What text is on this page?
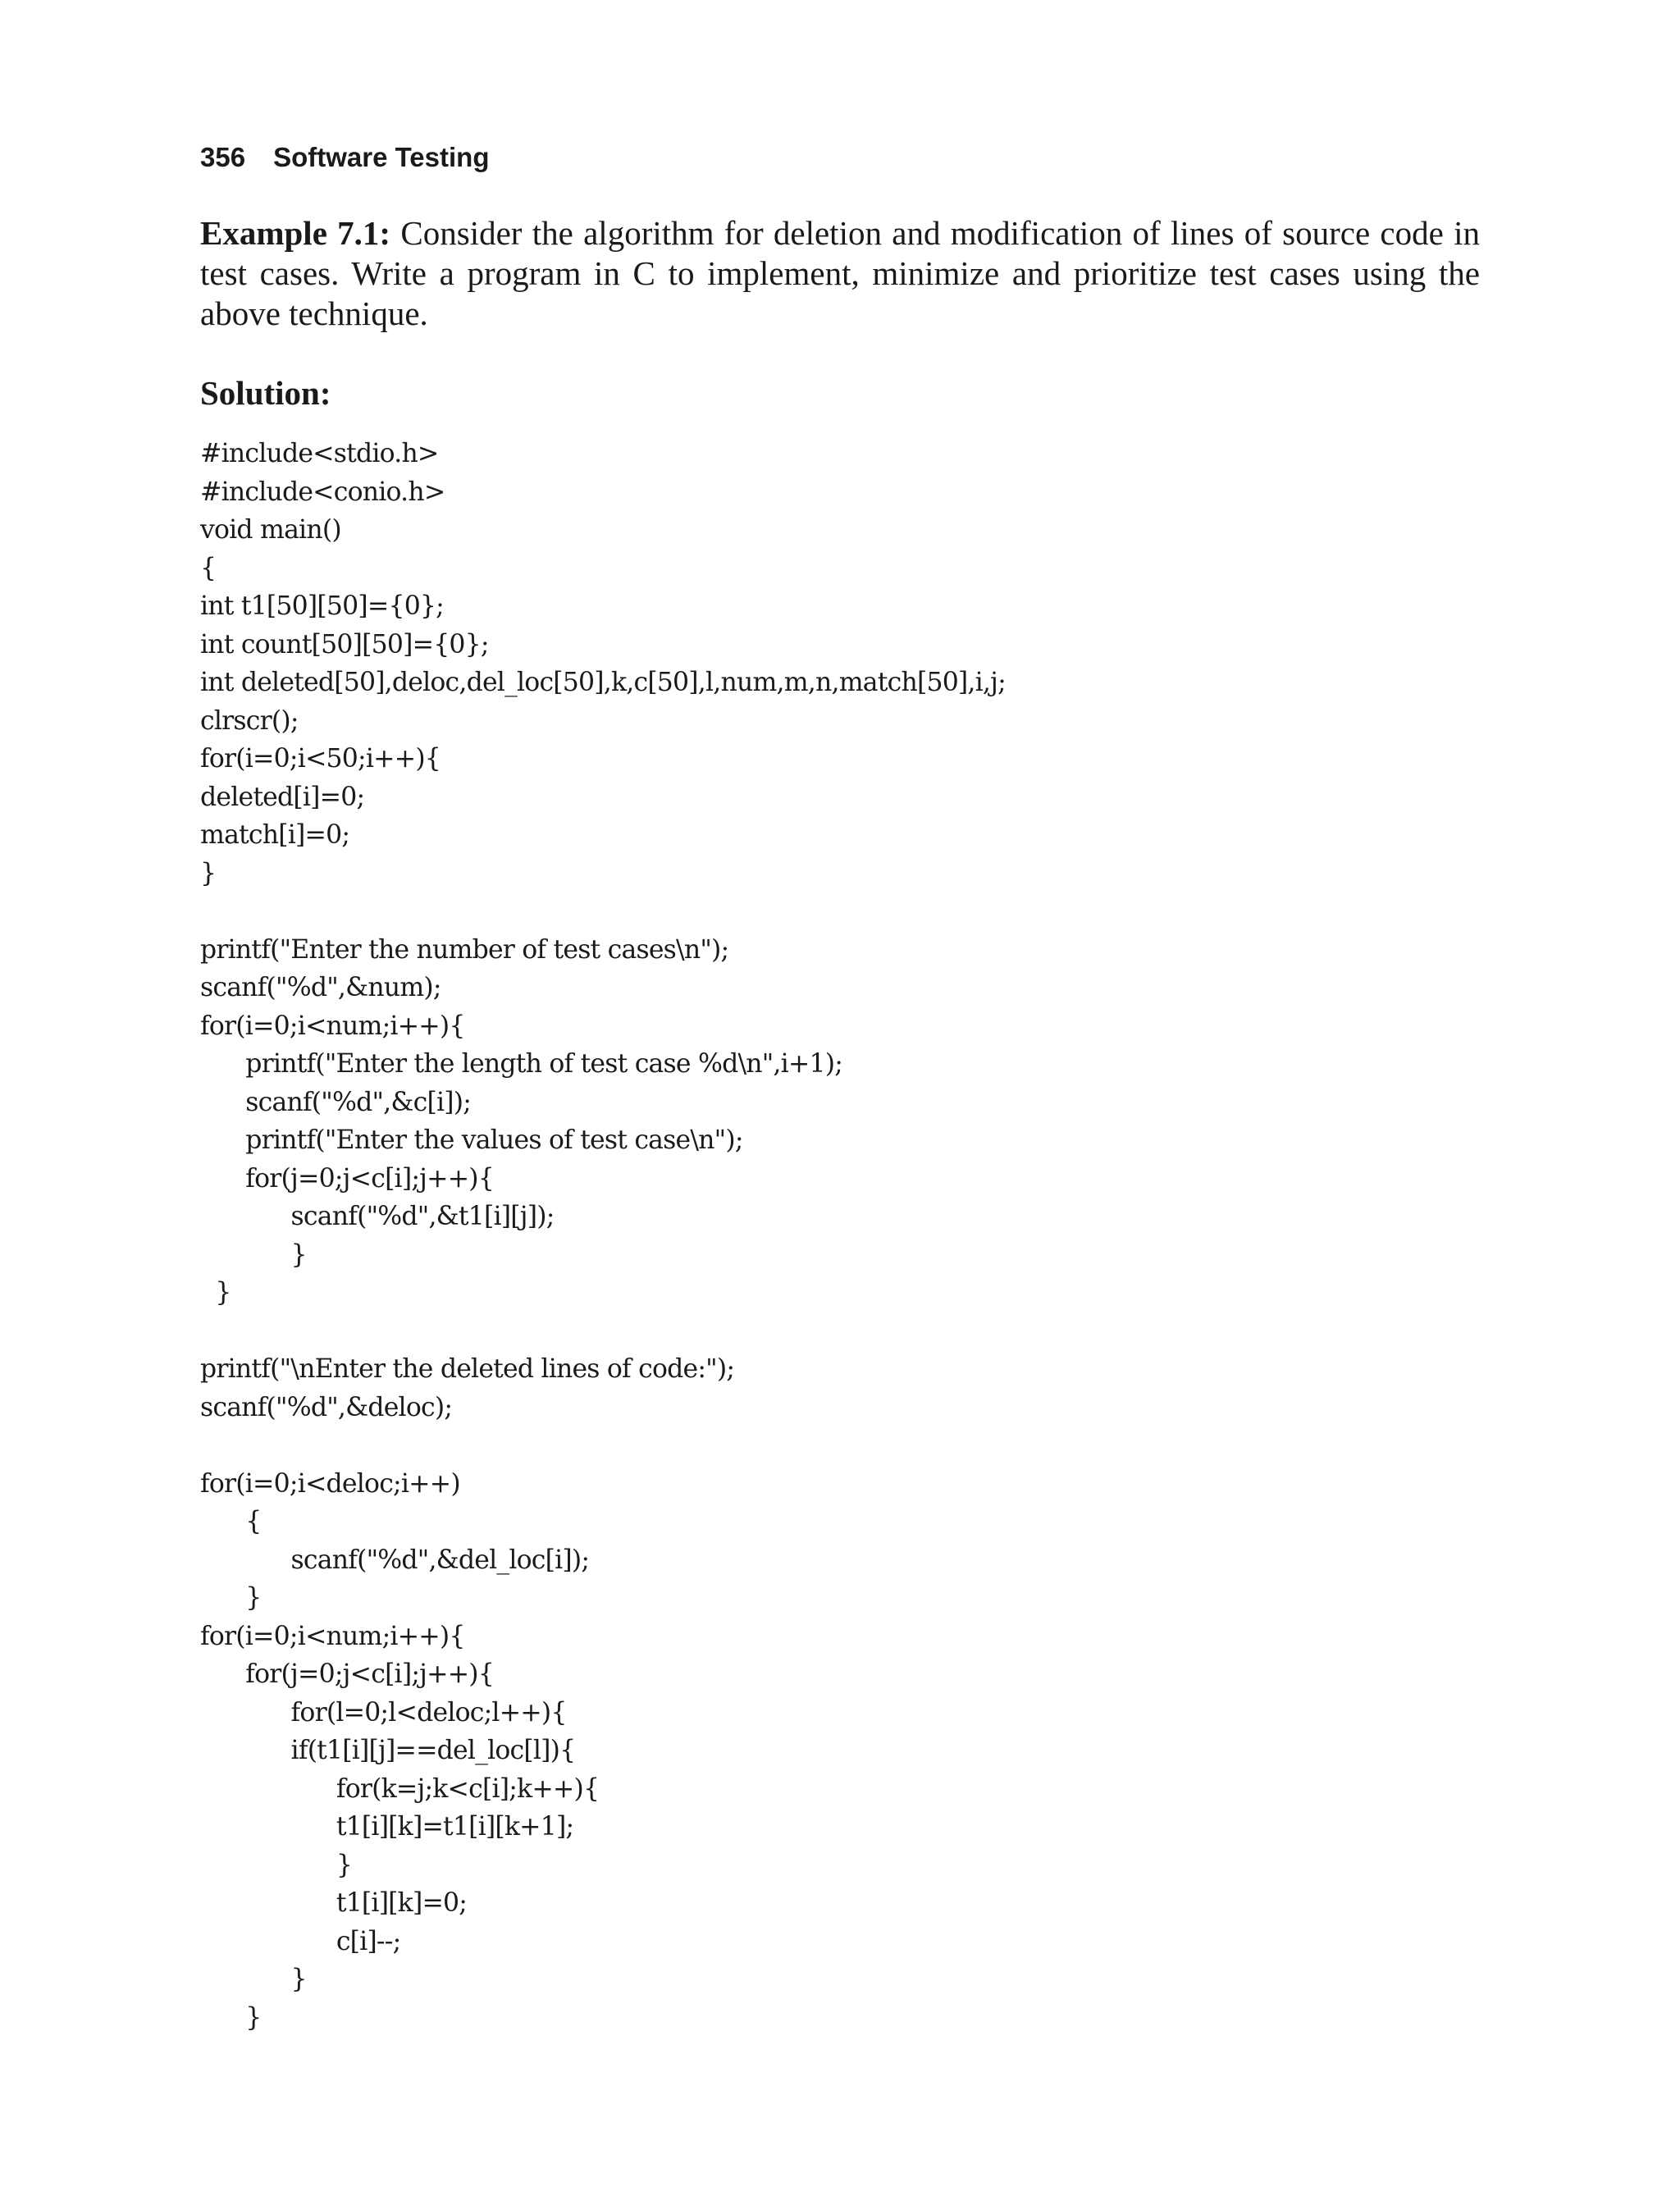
356 Software Testing
Example 7.1: Consider the algorithm for deletion and modification of lines of source code in test cases. Write a program in C to implement, minimize and prioritize test cases using the above technique.
Solution:
#include<stdio.h>
#include<conio.h>
void main()
{
int t1[50][50]={0};
int count[50][50]={0};
int deleted[50],deloc,del_loc[50],k,c[50],l,num,m,n,match[50],i,j;
clrscr();
for(i=0;i<50;i++){
deleted[i]=0;
match[i]=0;
}
printf("Enter the number of test cases\n");
scanf("%d",&num);
for(i=0;i<num;i++){
printf("Enter the length of test case %d\n",i+1);
scanf("%d",&c[i]);
printf("Enter the values of test case\n");
for(j=0;j<c[i];j++){
scanf("%d",&t1[i][j]);
}
}
printf("\nEnter the deleted lines of code:");
scanf("%d",&deloc);
for(i=0;i<deloc;i++)
{
scanf("%d",&del_loc[i]);
}
for(i=0;i<num;i++){
for(j=0;j<c[i];j++){
for(l=0;l<deloc;l++){
if(t1[i][j]==del_loc[l]){
for(k=j;k<c[i];k++){
t1[i][k]=t1[i][k+1];
}
t1[i][k]=0;
c[i]--;
}
}
